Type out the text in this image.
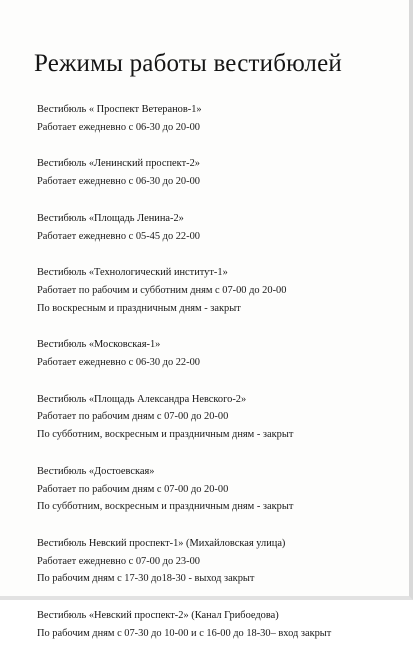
Режимы работы вестибюлей
Вестибюль « Проспект Ветеранов-1»
Работает ежедневно с 06-30 до 20-00
Вестибюль «Ленинский проспект-2»
Работает ежедневно с 06-30 до 20-00
Вестибюль «Площадь Ленина-2»
Работает ежедневно с 05-45 до 22-00
Вестибюль «Технологический институт-1»
Работает по рабочим и субботним дням с 07-00 до 20-00
По воскресным и праздничным дням - закрыт
Вестибюль «Московская-1»
Работает ежедневно с 06-30 до 22-00
Вестибюль «Площадь Александра Невского-2»
Работает по рабочим дням с 07-00 до 20-00
По субботним, воскресным и праздничным дням - закрыт
Вестибюль «Достоевская»
Работает по рабочим дням с 07-00 до 20-00
По субботним, воскресным и праздничным дням - закрыт
Вестибюль Невский проспект-1» (Михайловская улица)
Работает ежедневно с 07-00 до 23-00
По рабочим дням с 17-30 до18-30 - выход закрыт
Вестибюль «Невский проспект-2» (Канал Грибоедова)
По рабочим дням с 07-30 до 10-00 и с 16-00 до 18-30– вход закрыт
